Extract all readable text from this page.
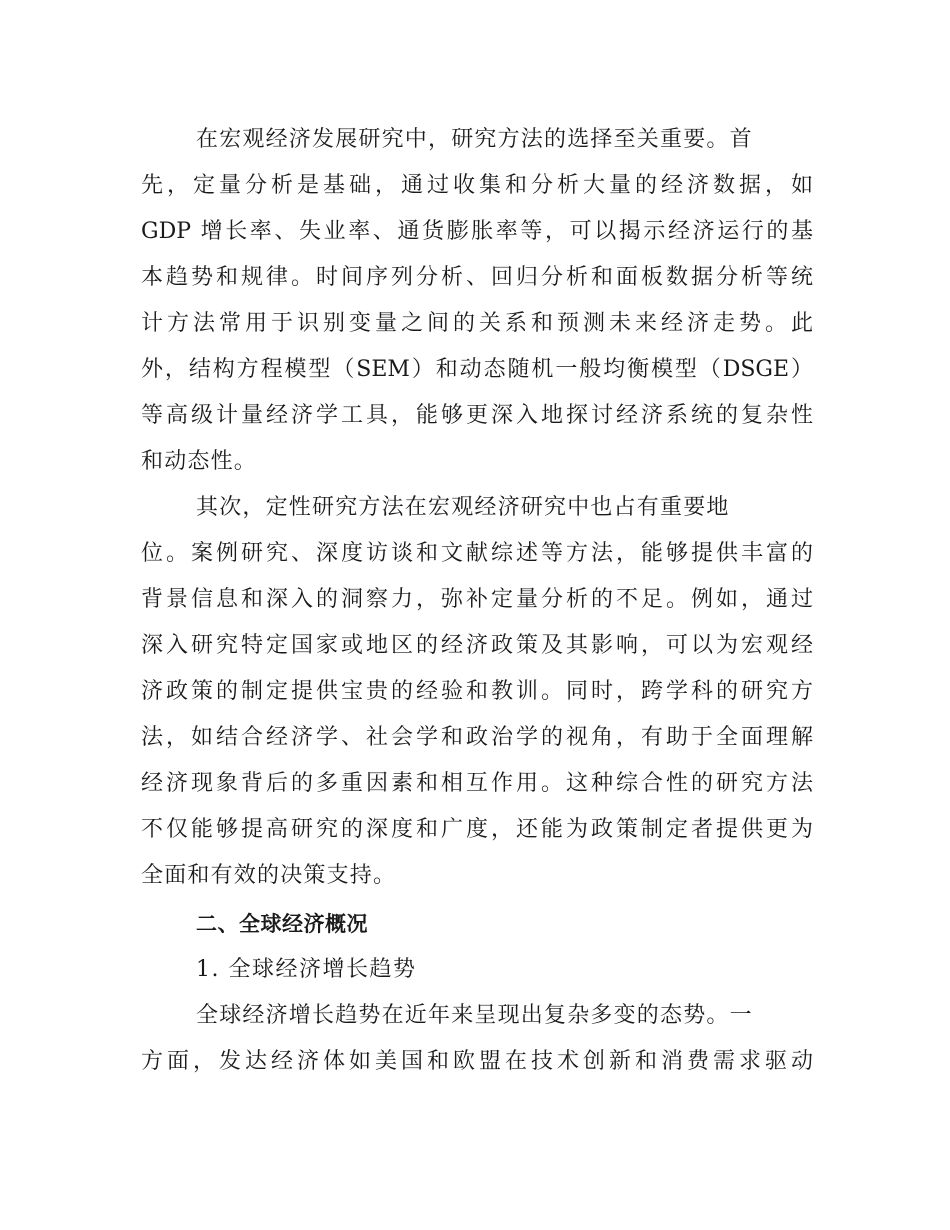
在宏观经济发展研究中，研究方法的选择至关重要。首
先，定量分析是基础，通过收集和分析大量的经济数据，如
GDP 增长率、失业率、通货膨胀率等，可以揭示经济运行的基
本趋势和规律。时间序列分析、回归分析和面板数据分析等统
计方法常用于识别变量之间的关系和预测未来经济走势。此
外，结构方程模型（SEM）和动态随机一般均衡模型（DSGE）
等高级计量经济学工具，能够更深入地探讨经济系统的复杂性
和动态性。
其次，定性研究方法在宏观经济研究中也占有重要地
位。案例研究、深度访谈和文献综述等方法，能够提供丰富的
背景信息和深入的洞察力，弥补定量分析的不足。例如，通过
深入研究特定国家或地区的经济政策及其影响，可以为宏观经
济政策的制定提供宝贵的经验和教训。同时，跨学科的研究方
法，如结合经济学、社会学和政治学的视角，有助于全面理解
经济现象背后的多重因素和相互作用。这种综合性的研究方法
不仅能够提高研究的深度和广度，还能为政策制定者提供更为
全面和有效的决策支持。
二、全球经济概况
1. 全球经济增长趋势
全球经济增长趋势在近年来呈现出复杂多变的态势。一
方面，发达经济体如美国和欧盟在技术创新和消费需求驱动
